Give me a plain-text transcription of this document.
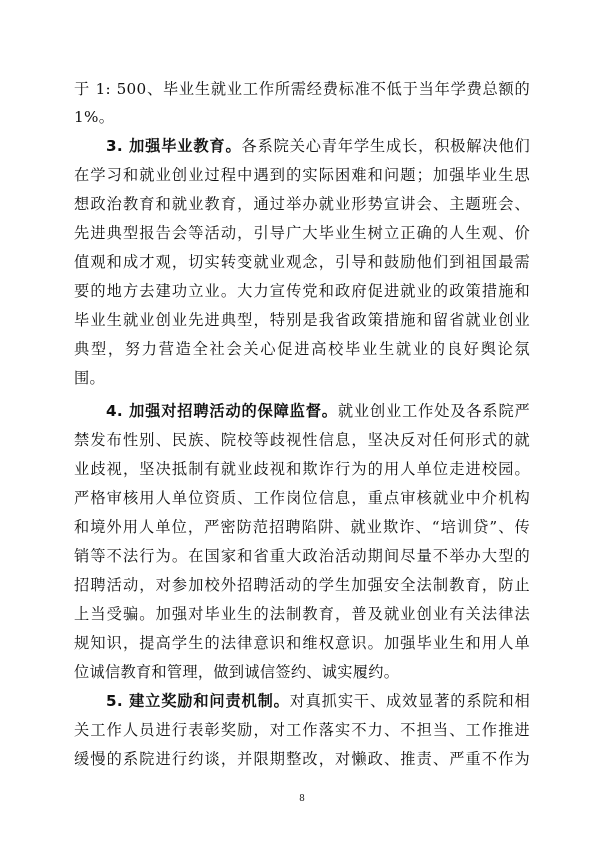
于 1: 500、毕业生就业工作所需经费标准不低于当年学费总额的
1%。
3. 加强毕业教育。各系院关心青年学生成长，积极解决他们
在学习和就业创业过程中遇到的实际困难和问题；加强毕业生思
想政治教育和就业教育，通过举办就业形势宣讲会、主题班会、
先进典型报告会等活动，引导广大毕业生树立正确的人生观、价
值观和成才观，切实转变就业观念，引导和鼓励他们到祖国最需
要的地方去建功立业。大力宣传党和政府促进就业的政策措施和
毕业生就业创业先进典型，特别是我省政策措施和留省就业创业
典型，努力营造全社会关心促进高校毕业生就业的良好舆论氛
围。
4. 加强对招聘活动的保障监督。就业创业工作处及各系院严
禁发布性别、民族、院校等歧视性信息，坚决反对任何形式的就
业歧视，坚决抵制有就业歧视和欺诈行为的用人单位走进校园。
严格审核用人单位资质、工作岗位信息，重点审核就业中介机构
和境外用人单位，严密防范招聘陷阱、就业欺诈、“培训贷”、传
销等不法行为。在国家和省重大政治活动期间尽量不举办大型的
招聘活动，对参加校外招聘活动的学生加强安全法制教育，防止
上当受骗。加强对毕业生的法制教育，普及就业创业有关法律法
规知识，提高学生的法律意识和维权意识。加强毕业生和用人单
位诚信教育和管理，做到诚信签约、诚实履约。
5. 建立奖励和问责机制。对真抓实干、成效显著的系院和相
关工作人员进行表彰奖励，对工作落实不力、不担当、工作推进
缓慢的系院进行约谈，并限期整改，对懒政、推责、严重不作为
8
